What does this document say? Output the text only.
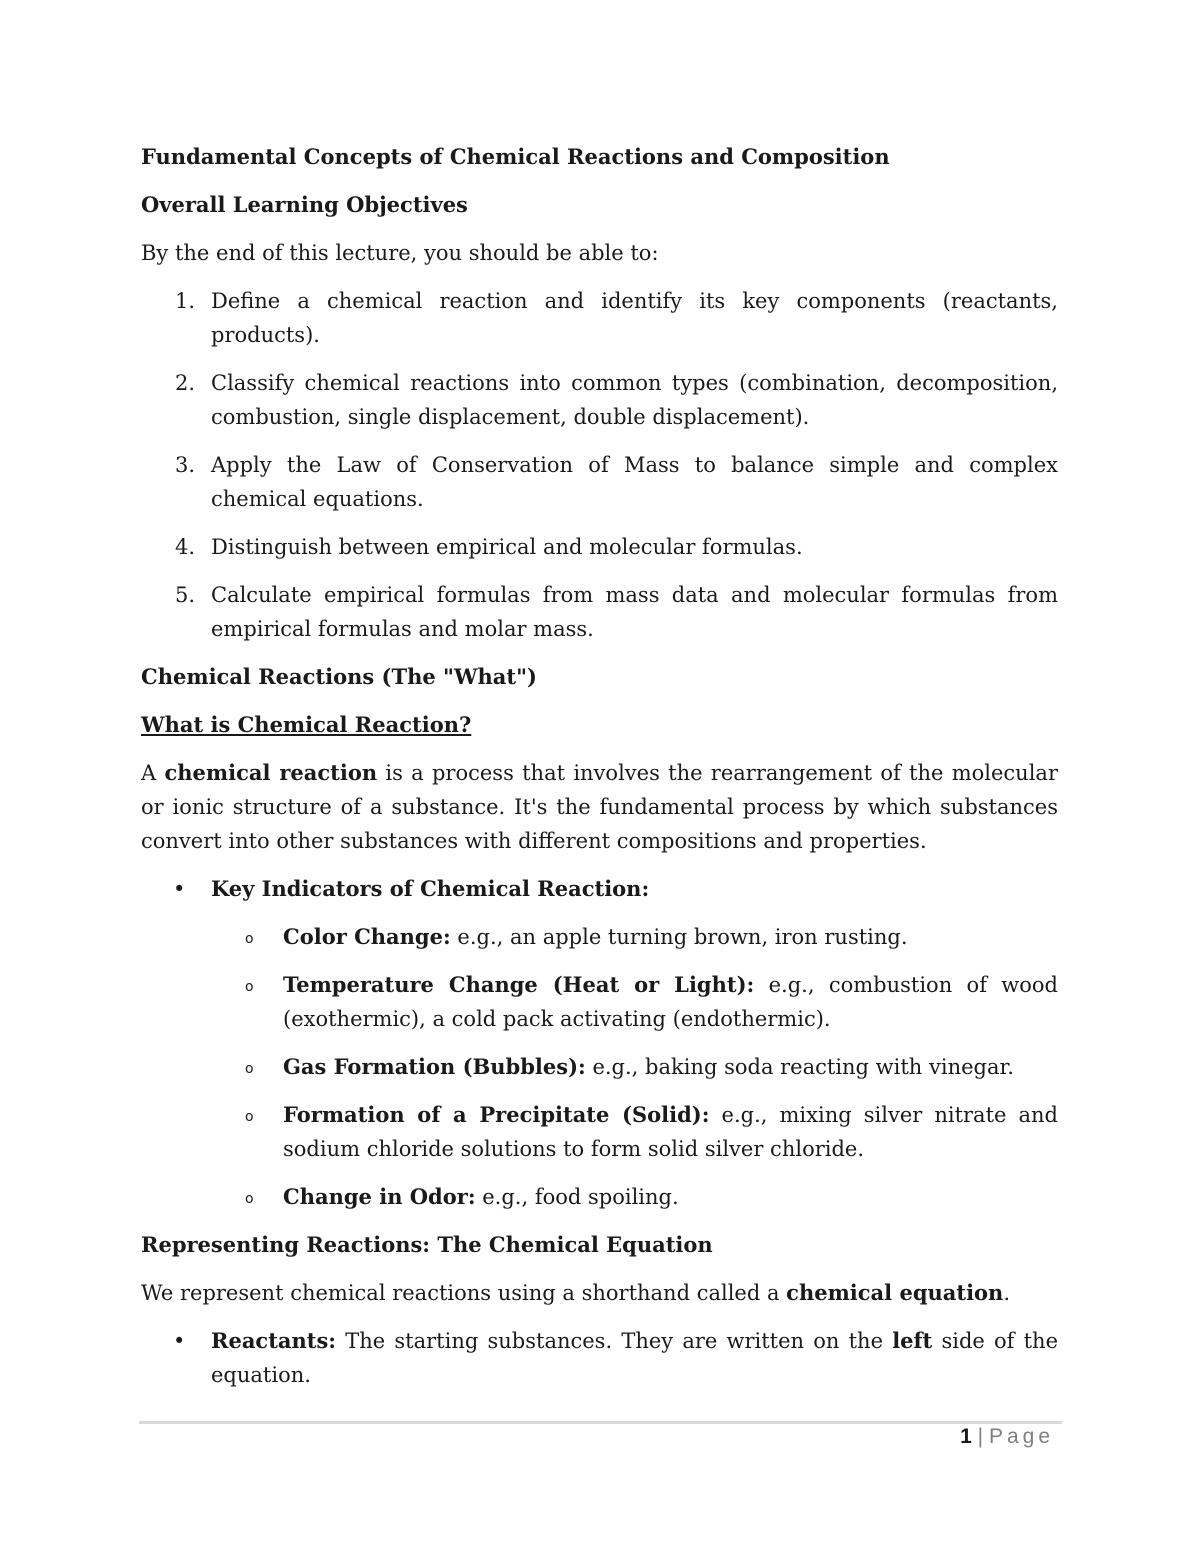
Fundamental Concepts of Chemical Reactions and Composition

Overall Learning Objectives

By the end of this lecture, you should be able to:

1. Define a chemical reaction and identify its key components (reactants, products).
2. Classify chemical reactions into common types (combination, decomposition, combustion, single displacement, double displacement).
3. Apply the Law of Conservation of Mass to balance simple and complex chemical equations.
4. Distinguish between empirical and molecular formulas.
5. Calculate empirical formulas from mass data and molecular formulas from empirical formulas and molar mass.

Chemical Reactions (The "What")

What is Chemical Reaction?

A chemical reaction is a process that involves the rearrangement of the molecular or ionic structure of a substance. It's the fundamental process by which substances convert into other substances with different compositions and properties.

• Key Indicators of Chemical Reaction:
o Color Change: e.g., an apple turning brown, iron rusting.
o Temperature Change (Heat or Light): e.g., combustion of wood (exothermic), a cold pack activating (endothermic).
o Gas Formation (Bubbles): e.g., baking soda reacting with vinegar.
o Formation of a Precipitate (Solid): e.g., mixing silver nitrate and sodium chloride solutions to form solid silver chloride.
o Change in Odor: e.g., food spoiling.

Representing Reactions: The Chemical Equation

We represent chemical reactions using a shorthand called a chemical equation.

• Reactants: The starting substances. They are written on the left side of the equation.
1 | Page
